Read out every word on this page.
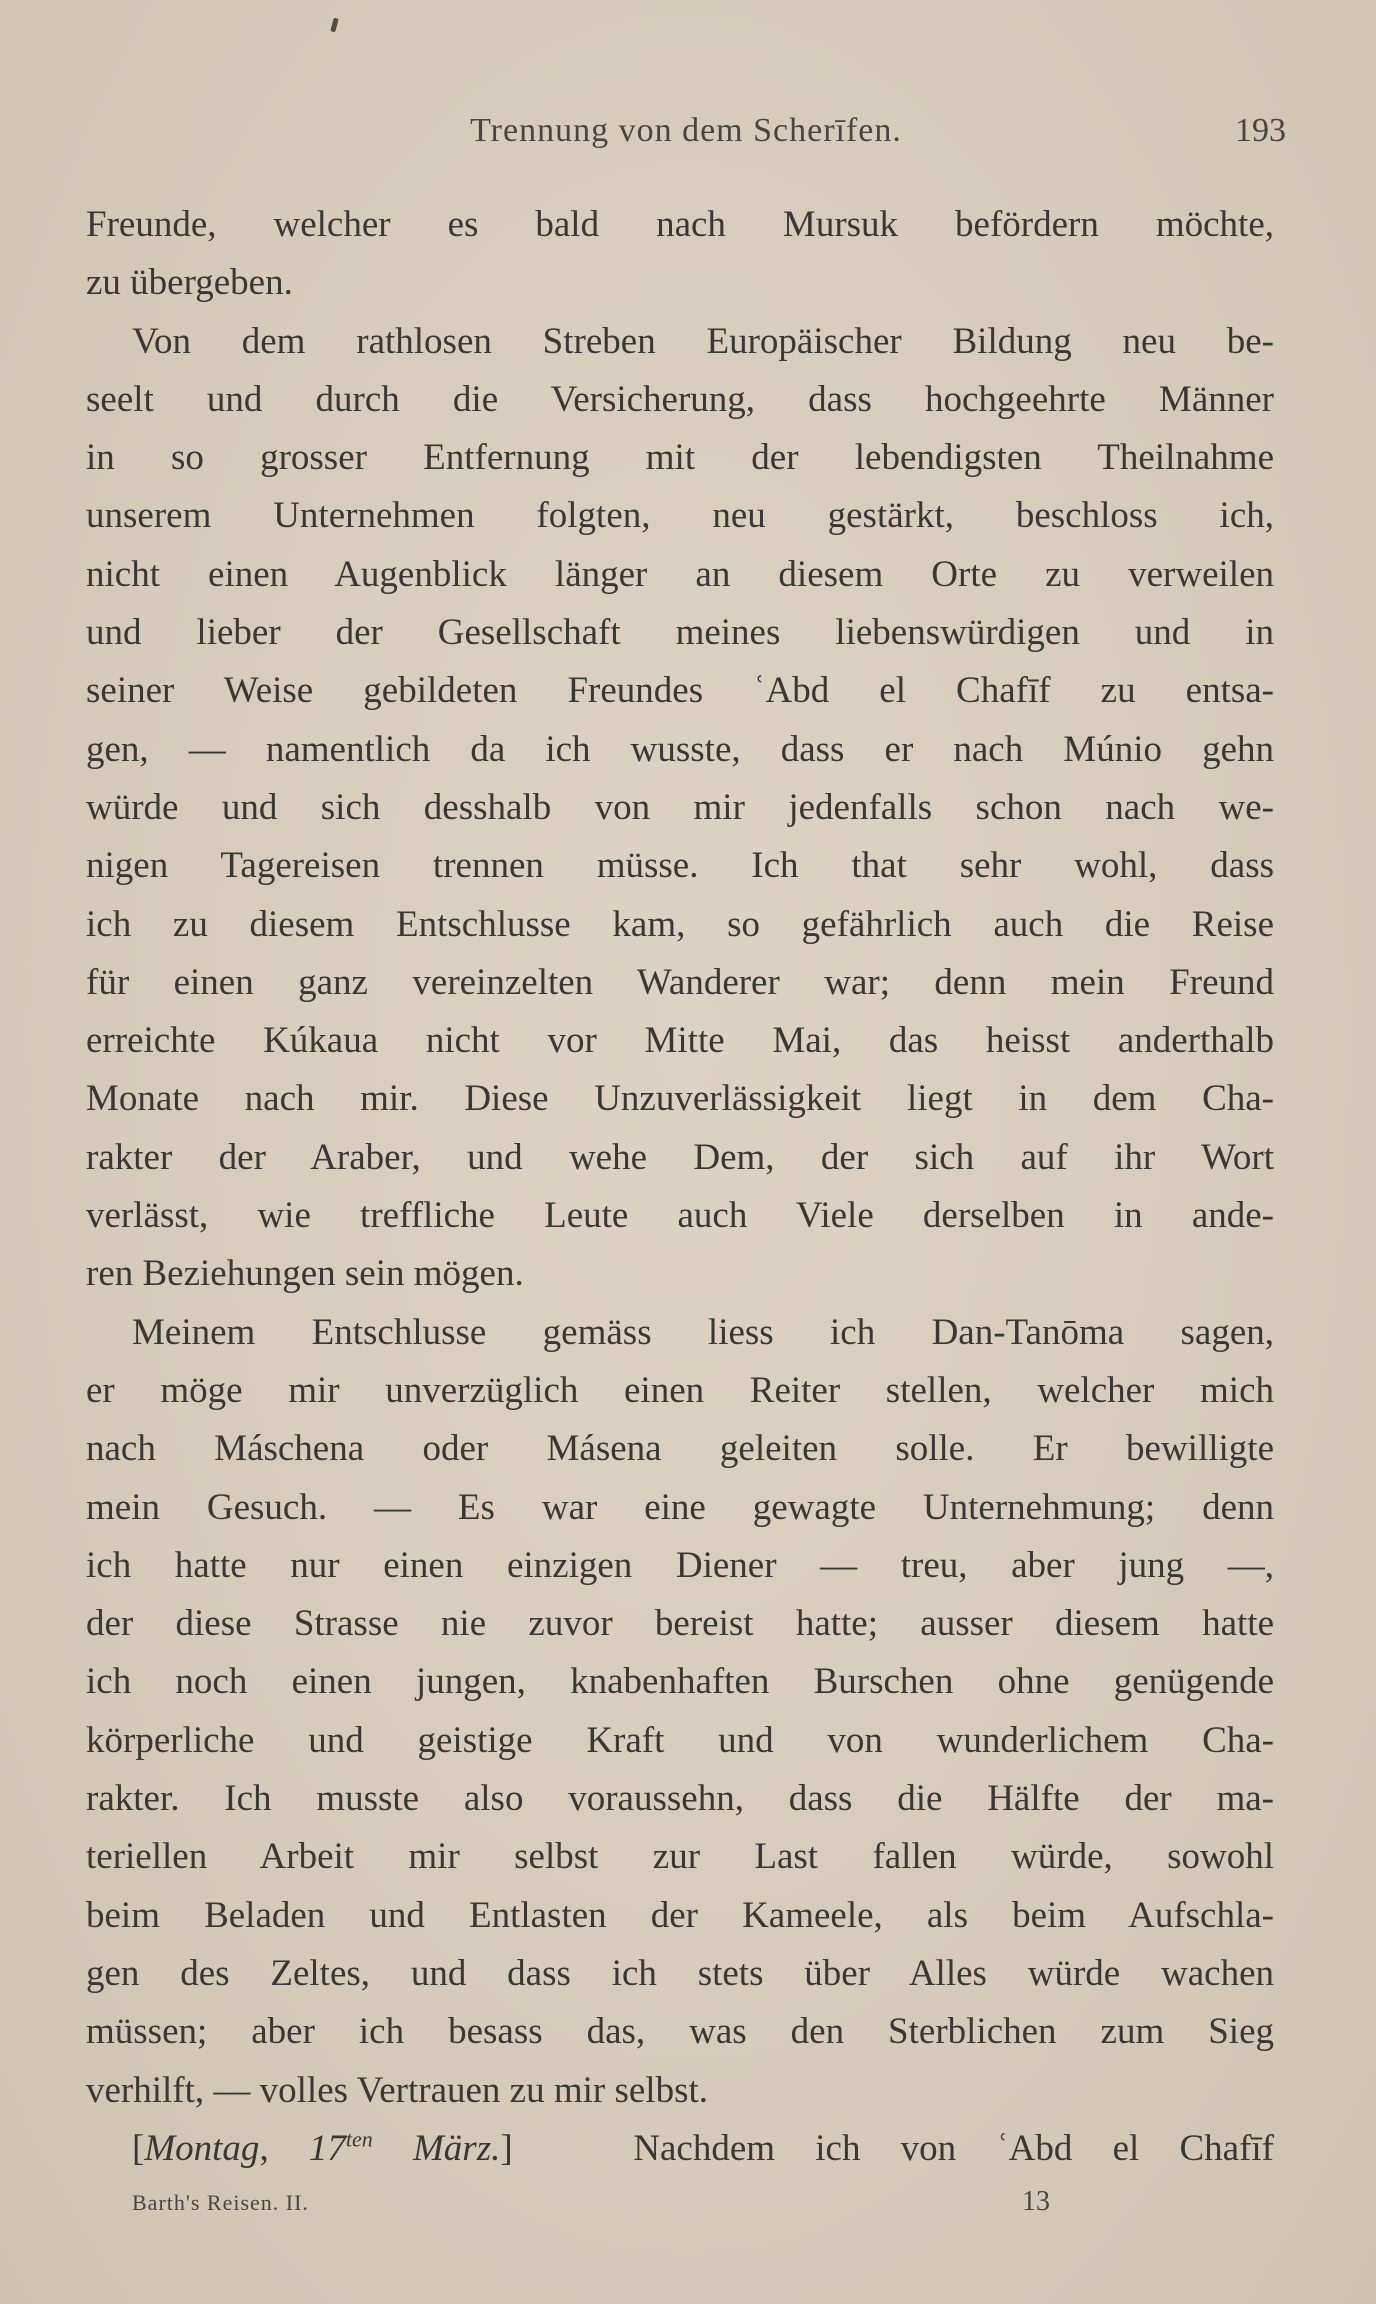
Trennung von dem Scherīfen.	193
Freunde, welcher es bald nach Mursuk befördern möchte,
zu übergeben.
Von dem rathlosen Streben Europäischer Bildung neu be-
seelt und durch die Versicherung, dass hochgeehrte Männer
in so grosser Entfernung mit der lebendigsten Theilnahme
unserem Unternehmen folgten, neu gestärkt, beschloss ich,
nicht einen Augenblick länger an diesem Orte zu verweilen
und lieber der Gesellschaft meines liebenswürdigen und in
seiner Weise gebildeten Freundes ʿAbd el Chafīf zu entsa-
gen, — namentlich da ich wusste, dass er nach Múnio gehn
würde und sich desshalb von mir jedenfalls schon nach we-
nigen Tagereisen trennen müsse. Ich that sehr wohl, dass
ich zu diesem Entschlusse kam, so gefährlich auch die Reise
für einen ganz vereinzelten Wanderer war; denn mein Freund
erreichte Kúkaua nicht vor Mitte Mai, das heisst anderthalb
Monate nach mir. Diese Unzuverlässigkeit liegt in dem Cha-
rakter der Araber, und wehe Dem, der sich auf ihr Wort
verlässt, wie treffliche Leute auch Viele derselben in ande-
ren Beziehungen sein mögen.
Meinem Entschlusse gemäss liess ich Dan-Tanōma sagen,
er möge mir unverzüglich einen Reiter stellen, welcher mich
nach Máschena oder Másena geleiten solle. Er bewilligte
mein Gesuch. — Es war eine gewagte Unternehmung; denn
ich hatte nur einen einzigen Diener — treu, aber jung —,
der diese Strasse nie zuvor bereist hatte; ausser diesem hatte
ich noch einen jungen, knabenhaften Burschen ohne genügende
körperliche und geistige Kraft und von wunderlichem Cha-
rakter. Ich musste also voraussehn, dass die Hälfte der ma-
teriellen Arbeit mir selbst zur Last fallen würde, sowohl
beim Beladen und Entlasten der Kameele, als beim Aufschla-
gen des Zeltes, und dass ich stets über Alles würde wachen
müssen; aber ich besass das, was den Sterblichen zum Sieg
verhilft, — volles Vertrauen zu mir selbst.
[Montag, $17^{ten}$ März.]	Nachdem ich von ʿAbd el Chafīf
Barth's Reisen. II.	13
